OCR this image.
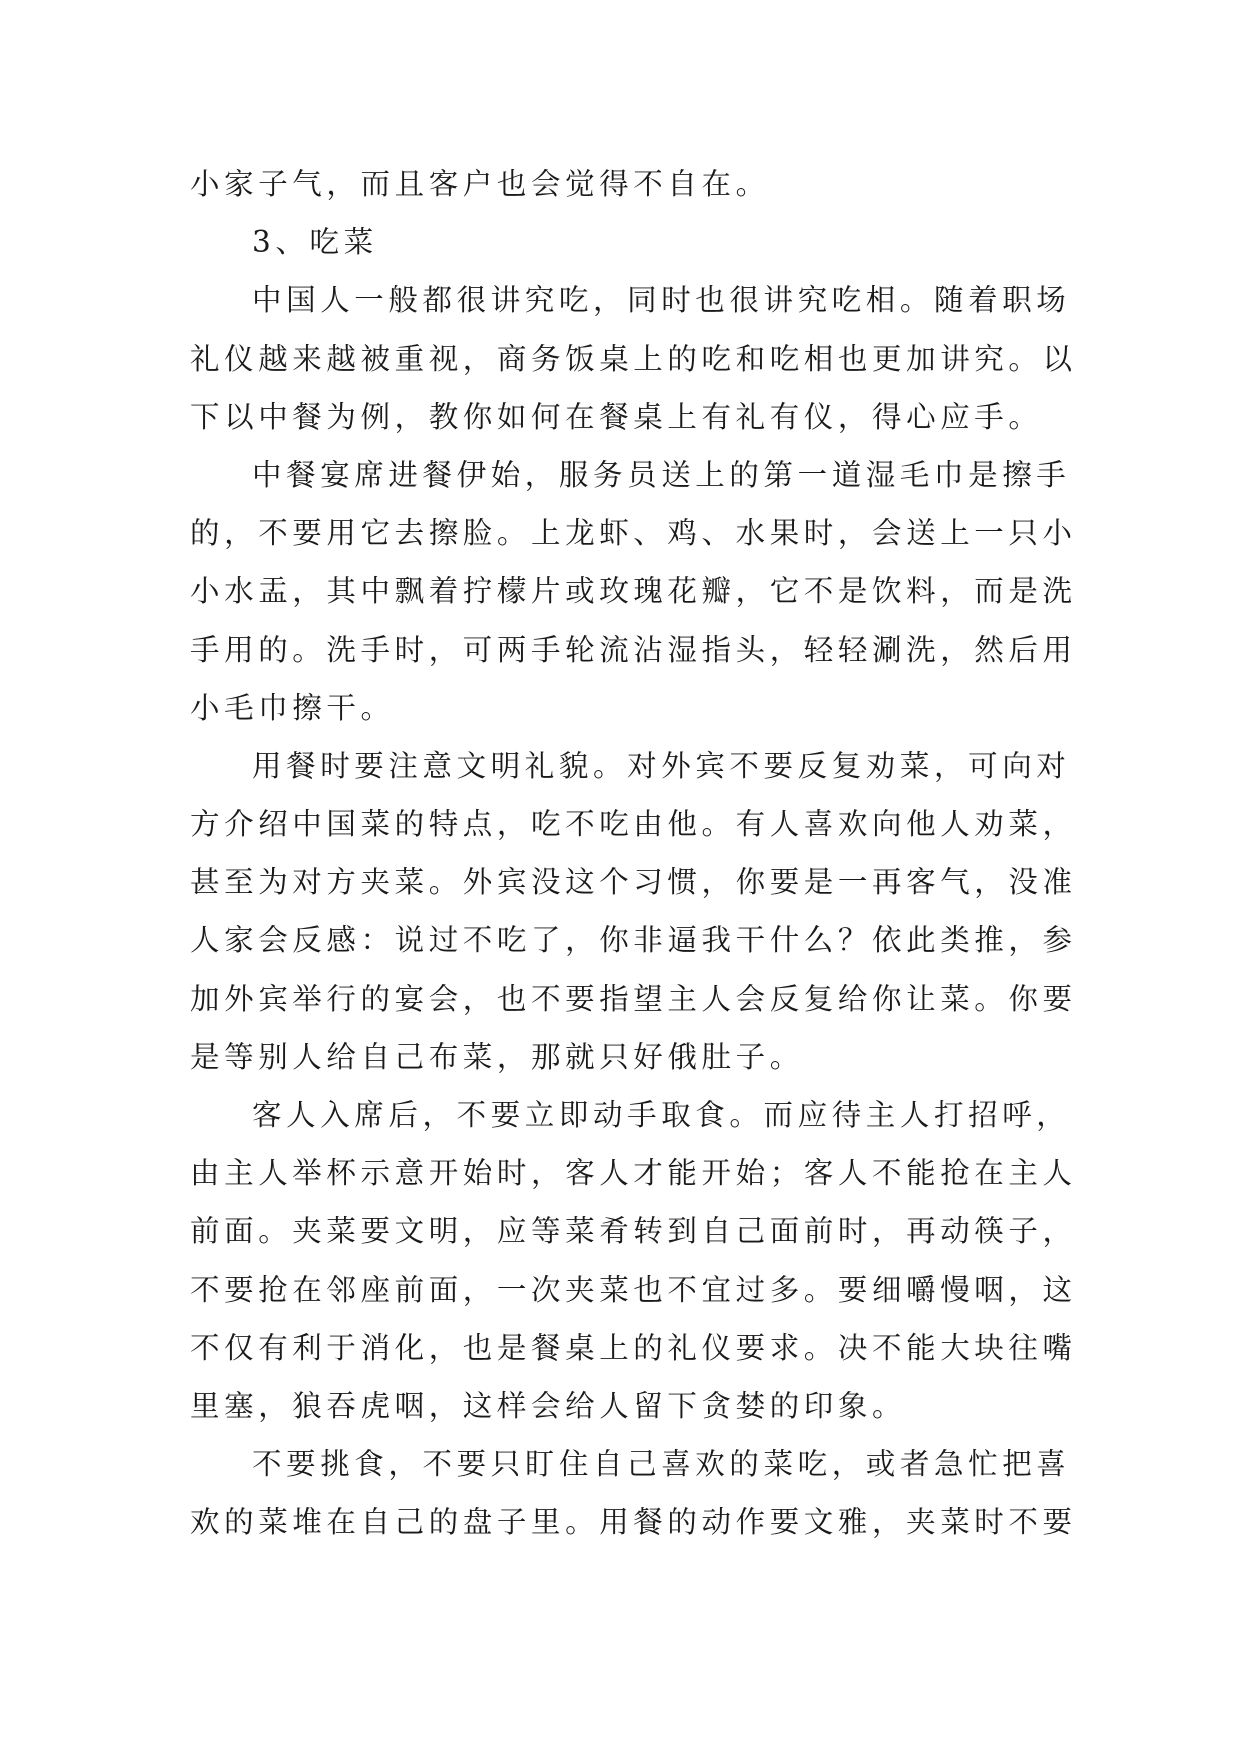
小家子气，而且客户也会觉得不自在。
3、吃菜
中国人一般都很讲究吃，同时也很讲究吃相。随着职场
礼仪越来越被重视，商务饭桌上的吃和吃相也更加讲究。以
下以中餐为例，教你如何在餐桌上有礼有仪，得心应手。
中餐宴席进餐伊始，服务员送上的第一道湿毛巾是擦手
的，不要用它去擦脸。上龙虾、鸡、水果时，会送上一只小
小水盂，其中飘着拧檬片或玫瑰花瓣，它不是饮料，而是洗
手用的。洗手时，可两手轮流沾湿指头，轻轻涮洗，然后用
小毛巾擦干。
用餐时要注意文明礼貌。对外宾不要反复劝菜，可向对
方介绍中国菜的特点，吃不吃由他。有人喜欢向他人劝菜，
甚至为对方夹菜。外宾没这个习惯，你要是一再客气，没准
人家会反感：说过不吃了，你非逼我干什么？依此类推，参
加外宾举行的宴会，也不要指望主人会反复给你让菜。你要
是等别人给自己布菜，那就只好俄肚子。
客人入席后，不要立即动手取食。而应待主人打招呼，
由主人举杯示意开始时，客人才能开始；客人不能抢在主人
前面。夹菜要文明，应等菜肴转到自己面前时，再动筷子，
不要抢在邻座前面，一次夹菜也不宜过多。要细嚼慢咽，这
不仅有利于消化，也是餐桌上的礼仪要求。决不能大块往嘴
里塞，狼吞虎咽，这样会给人留下贪婪的印象。
不要挑食，不要只盯住自己喜欢的菜吃，或者急忙把喜
欢的菜堆在自己的盘子里。用餐的动作要文雅，夹菜时不要
